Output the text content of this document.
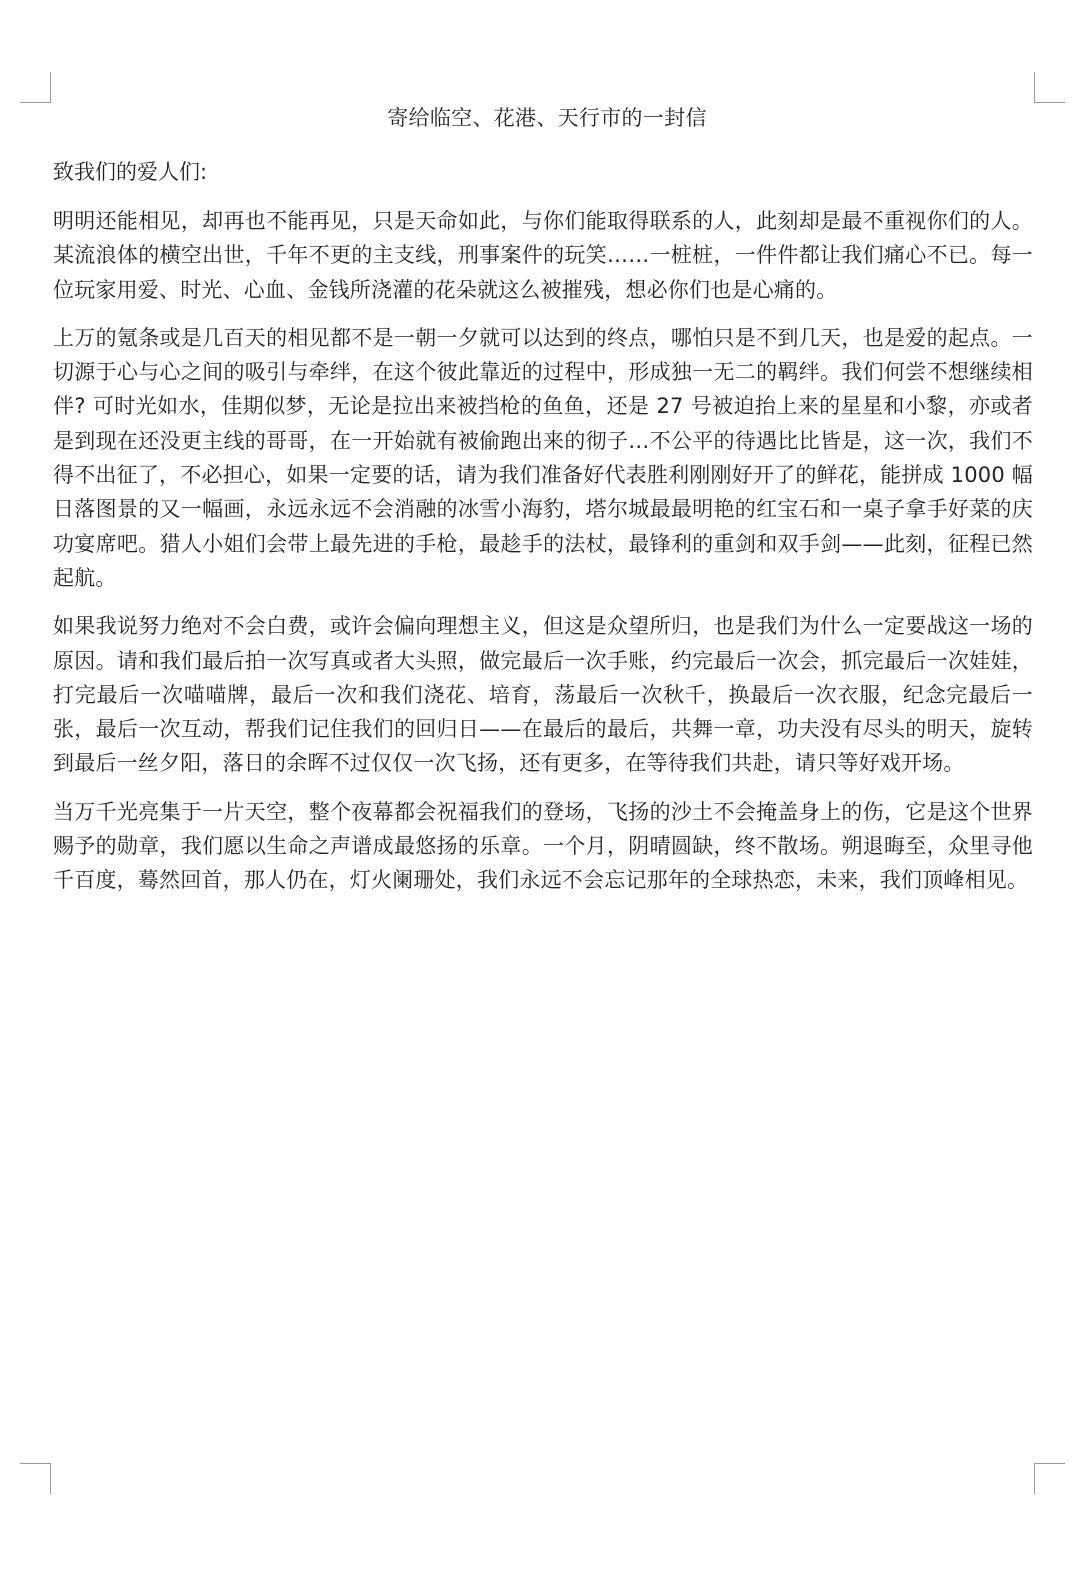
寄给临空、花港、天行市的一封信

致我们的爱人们:

明明还能相见，却再也不能再见，只是天命如此，与你们能取得联系的人，此刻却是最不重视你们的人。某流浪体的横空出世，千年不更的主支线，刑事案件的玩笑……一桩桩，一件件都让我们痛心不已。每一位玩家用爱、时光、心血、金钱所浇灌的花朵就这么被摧残，想必你们也是心痛的。

上万的氪条或是几百天的相见都不是一朝一夕就可以达到的终点，哪怕只是不到几天，也是爱的起点。一切源于心与心之间的吸引与牵绊，在这个彼此靠近的过程中，形成独一无二的羁绊。我们何尝不想继续相伴? 可时光如水，佳期似梦，无论是拉出来被挡枪的鱼鱼，还是 27 号被迫抬上来的星星和小黎，亦或者是到现在还没更主线的哥哥，在一开始就有被偷跑出来的彻子…不公平的待遇比比皆是，这一次，我们不得不出征了，不必担心，如果一定要的话，请为我们准备好代表胜利刚刚好开了的鲜花，能拼成 1000 幅日落图景的又一幅画，永远永远不会消融的冰雪小海豹，塔尔城最最明艳的红宝石和一桌子拿手好菜的庆功宴席吧。猎人小姐们会带上最先进的手枪，最趁手的法杖，最锋利的重剑和双手剑——此刻，征程已然起航。

如果我说努力绝对不会白费，或许会偏向理想主义，但这是众望所归，也是我们为什么一定要战这一场的原因。请和我们最后拍一次写真或者大头照，做完最后一次手账，约完最后一次会，抓完最后一次娃娃，打完最后一次喵喵牌，最后一次和我们浇花、培育，荡最后一次秋千，换最后一次衣服，纪念完最后一张，最后一次互动，帮我们记住我们的回归日——在最后的最后，共舞一章，功夫没有尽头的明天，旋转到最后一丝夕阳，落日的余晖不过仅仅一次飞扬，还有更多，在等待我们共赴，请只等好戏开场。

当万千光亮集于一片天空，整个夜幕都会祝福我们的登场，飞扬的沙土不会掩盖身上的伤，它是这个世界赐予的勋章，我们愿以生命之声谱成最悠扬的乐章。一个月，阴晴圆缺，终不散场。朔退晦至，众里寻他千百度，蓦然回首，那人仍在，灯火阑珊处，我们永远不会忘记那年的全球热恋，未来，我们顶峰相见。
